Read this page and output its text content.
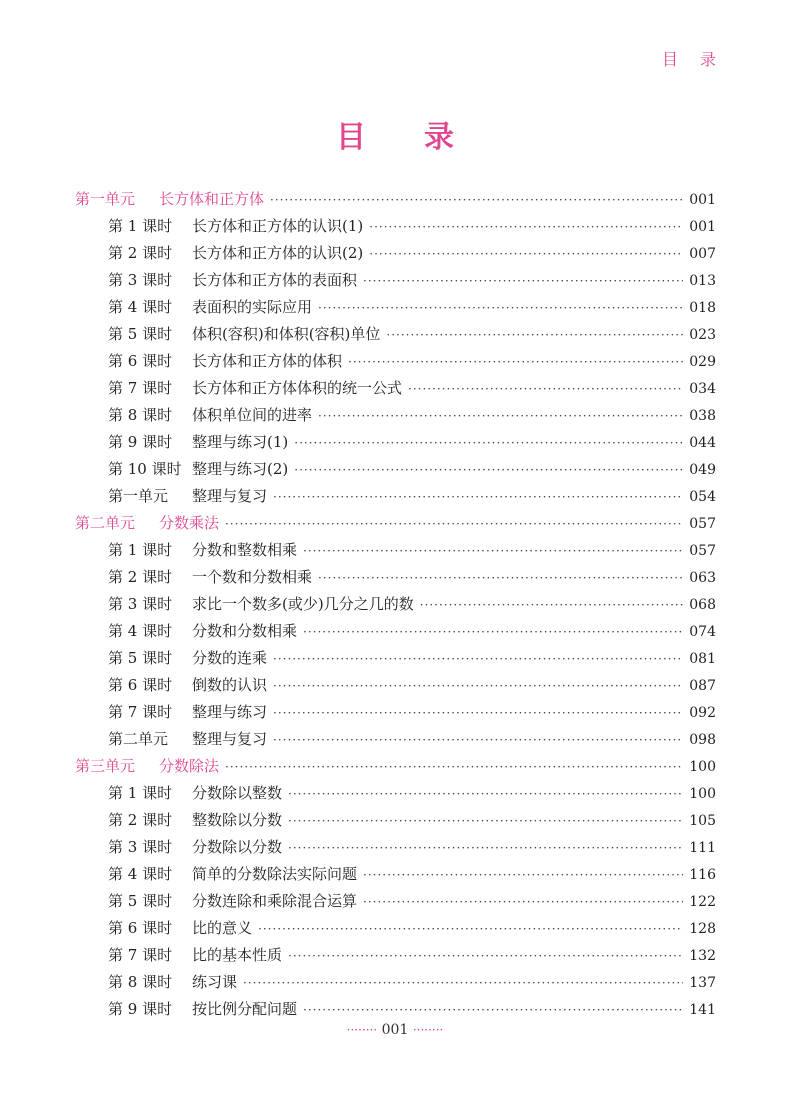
目录
目录
第一单元 长方体和正方体 ·····	001
第 1 课时 长方体和正方体的认识(1) ·····	001
第 2 课时 长方体和正方体的认识(2) ·····	007
第 3 课时 长方体和正方体的表面积 ·····	013
第 4 课时 表面积的实际应用 ·····	018
第 5 课时 体积(容积)和体积(容积)单位 ·····	023
第 6 课时 长方体和正方体的体积 ·····	029
第 7 课时 长方体和正方体体积的统一公式 ·····	034
第 8 课时 体积单位间的进率 ·····	038
第 9 课时 整理与练习(1) ·····	044
第 10 课时 整理与练习(2) ·····	049
第一单元 整理与复习 ·····	054
第二单元 分数乘法 ·····	057
第 1 课时 分数和整数相乘 ·····	057
第 2 课时 一个数和分数相乘 ·····	063
第 3 课时 求比一个数多(或少)几分之几的数 ·····	068
第 4 课时 分数和分数相乘 ·····	074
第 5 课时 分数的连乘 ·····	081
第 6 课时 倒数的认识 ·····	087
第 7 课时 整理与练习 ·····	092
第二单元 整理与复习 ·····	098
第三单元 分数除法 ·····	100
第 1 课时 分数除以整数 ·····	100
第 2 课时 整数除以分数 ·····	105
第 3 课时 分数除以分数 ·····	111
第 4 课时 简单的分数除法实际问题 ·····	116
第 5 课时 分数连除和乘除混合运算 ·····	122
第 6 课时 比的意义 ·····	128
第 7 课时 比的基本性质 ·····	132
第 8 课时 练习课 ·····	137
第 9 课时 按比例分配问题 ·····	141
········ 001 ········
